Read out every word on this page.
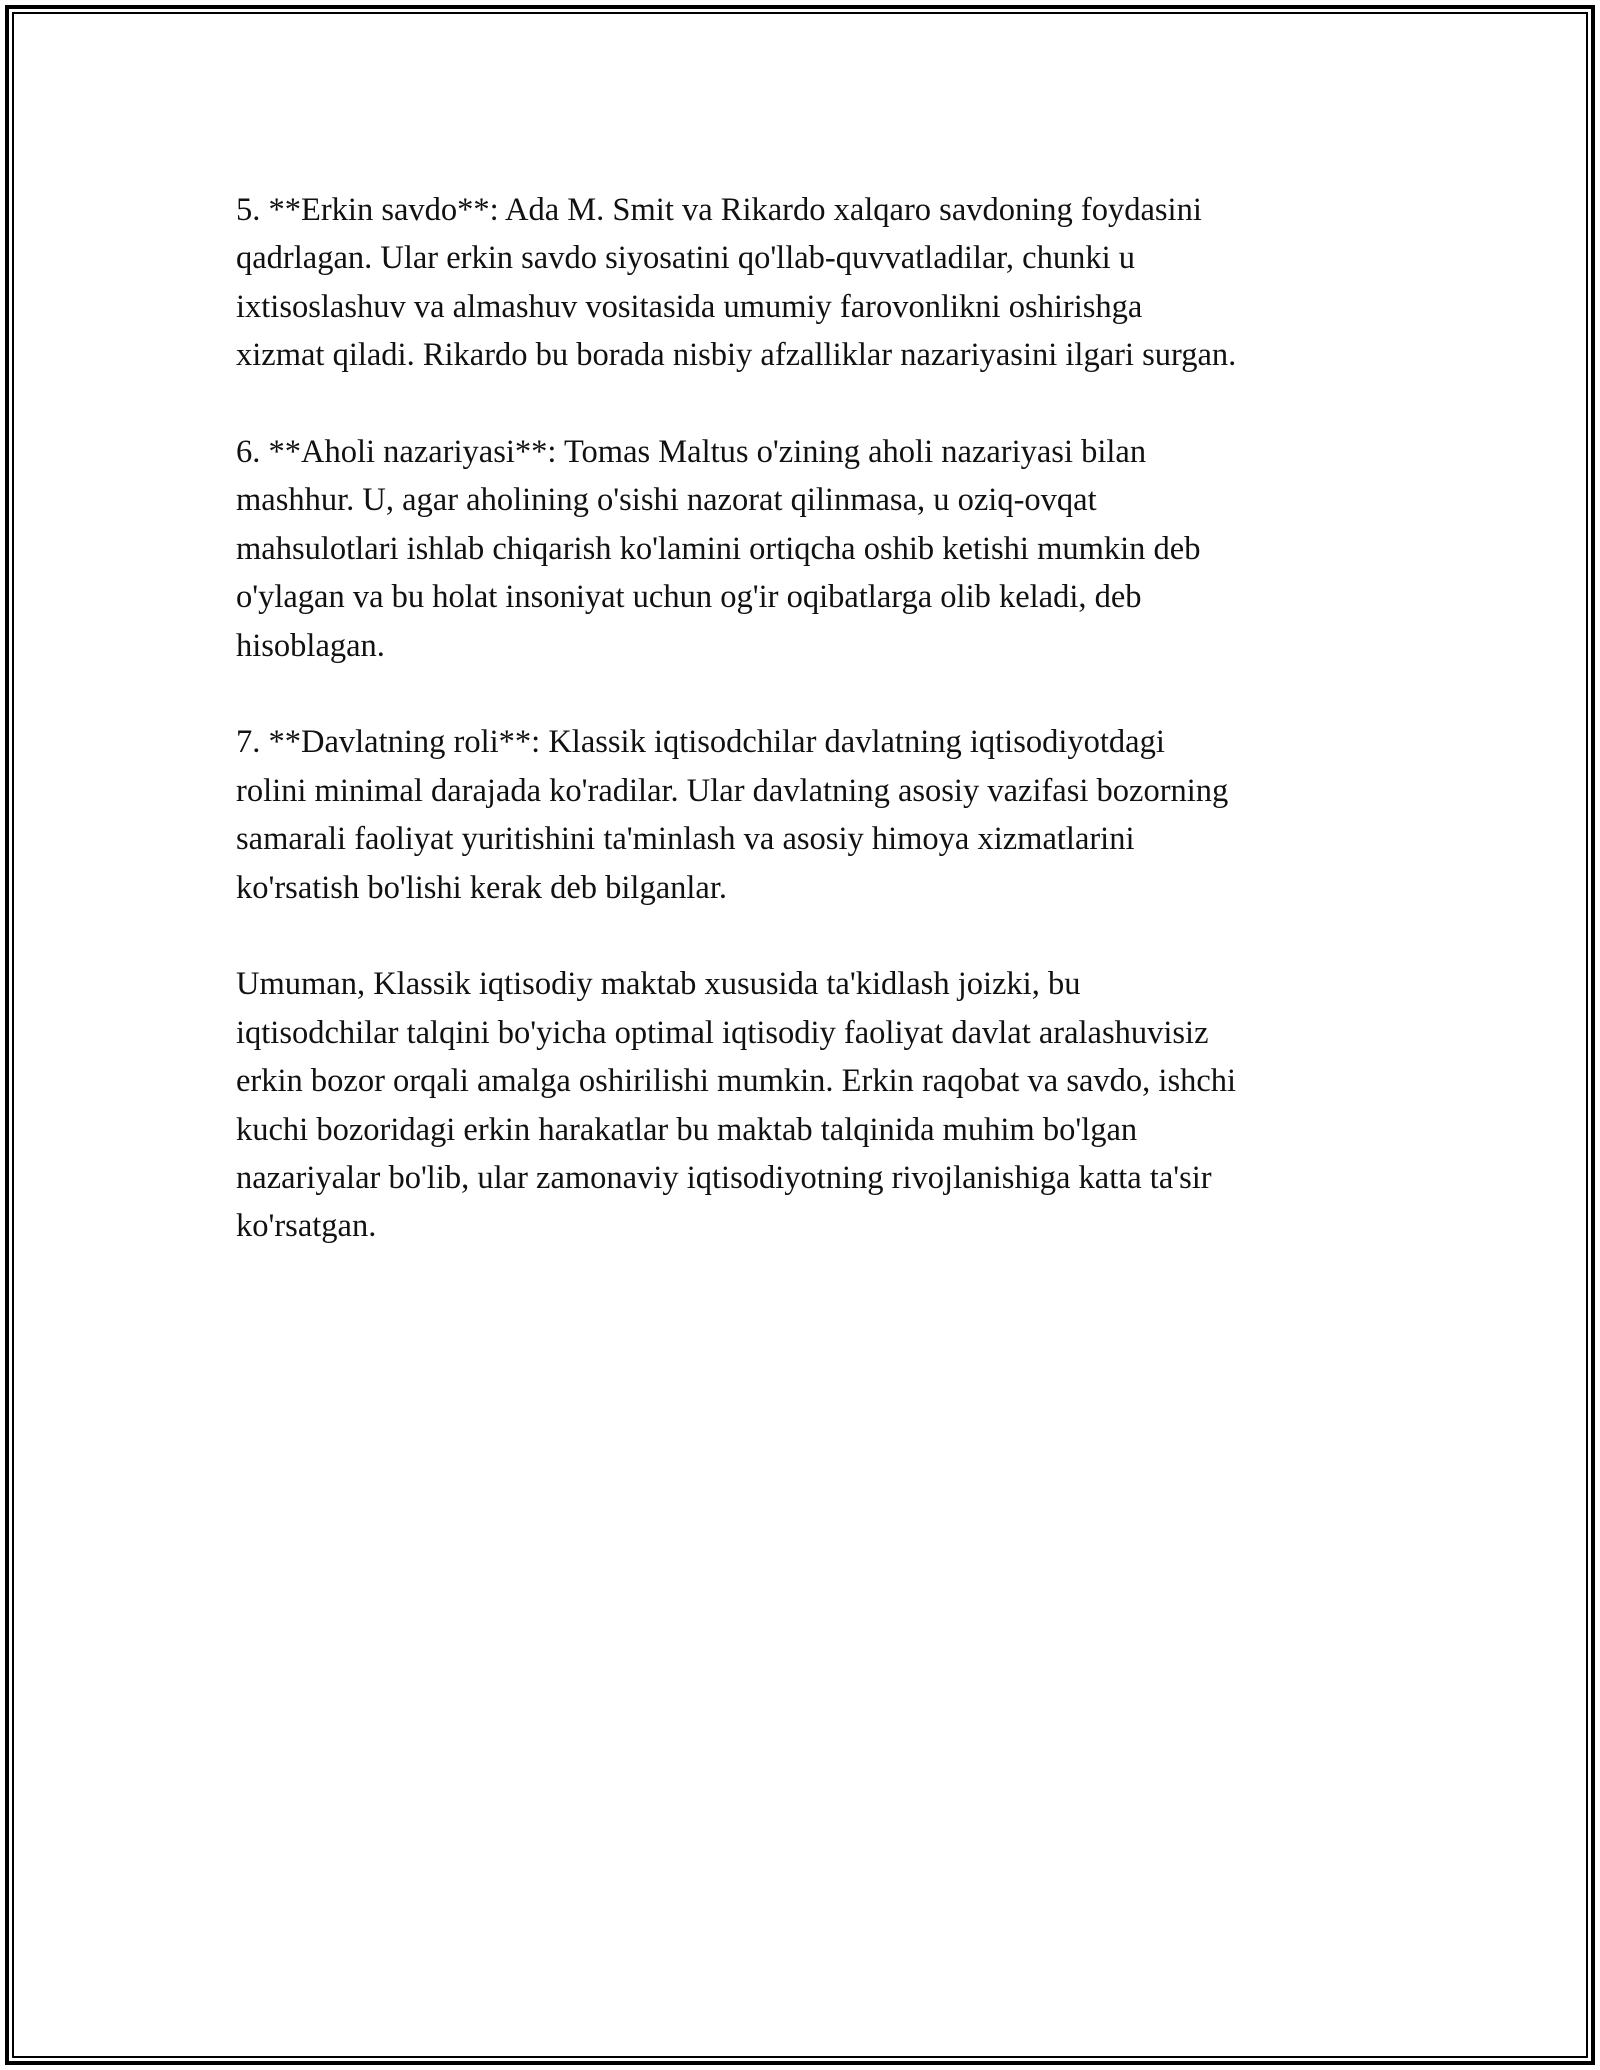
5. **Erkin savdo**: Ada M. Smit va Rikardo xalqaro savdoning foydasini
qadrlagan. Ular erkin savdo siyosatini qo'llab-quvvatladilar, chunki u
ixtisoslashuv va almashuv vositasida umumiy farovonlikni oshirishga
xizmat qiladi. Rikardo bu borada nisbiy afzalliklar nazariyasini ilgari surgan.

6. **Aholi nazariyasi**: Tomas Maltus o'zining aholi nazariyasi bilan
mashhur. U, agar aholining o'sishi nazorat qilinmasa, u oziq-ovqat
mahsulotlari ishlab chiqarish ko'lamini ortiqcha oshib ketishi mumkin deb
o'ylagan va bu holat insoniyat uchun og'ir oqibatlarga olib keladi, deb
hisoblagan.

7. **Davlatning roli**: Klassik iqtisodchilar davlatning iqtisodiyotdagi
rolini minimal darajada ko'radilar. Ular davlatning asosiy vazifasi bozorning
samarali faoliyat yuritishini ta'minlash va asosiy himoya xizmatlarini
ko'rsatish bo'lishi kerak deb bilganlar.

Umuman, Klassik iqtisodiy maktab xususida ta'kidlash joizki, bu
iqtisodchilar talqini bo'yicha optimal iqtisodiy faoliyat davlat aralashuvisiz
erkin bozor orqali amalga oshirilishi mumkin. Erkin raqobat va savdo, ishchi
kuchi bozoridagi erkin harakatlar bu maktab talqinida muhim bo'lgan
nazariyalar bo'lib, ular zamonaviy iqtisodiyotning rivojlanishiga katta ta'sir
ko'rsatgan.
